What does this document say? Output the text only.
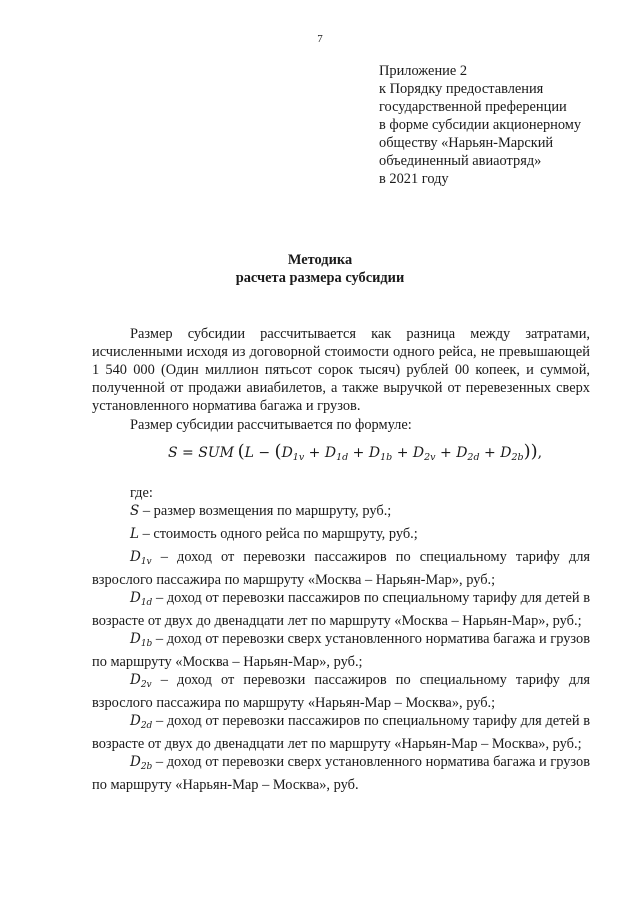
7
Приложение 2
к Порядку предоставления
государственной преференции
в форме субсидии акционерному
обществу «Нарьян-Марский
объединенный авиаотряд»
в 2021 году
Методика
расчета размера субсидии

Размер субсидии рассчитывается как разница между затратами, исчисленными исходя из договорной стоимости одного рейса, не превышающей 1 540 000 (Один миллион пятьсот сорок тысяч) рублей 00 копеек, и суммой, полученной от продажи авиабилетов, а также выручкой от перевезенных сверх установленного норматива багажа и грузов.

Размер субсидии рассчитывается по формуле:

S = SUM $(L - (D_{1v} + D_{1d} + D_{1b} + D_{2v} + D_{2d} + D_{2b}))$,
где:

S – размер возмещения по маршруту, руб.;

L – стоимость одного рейса по маршруту, руб.;

$D_{1v}$ – доход от перевозки пассажиров по специальному тарифу для взрослого пассажира по маршруту «Москва – Нарьян-Мар», руб.;

$D_{1d}$ – доход от перевозки пассажиров по специальному тарифу для детей в возрасте от двух до двенадцати лет по маршруту «Москва – Нарьян-Мар», руб.;

$D_{1b}$ – доход от перевозки сверх установленного норматива багажа и грузов по маршруту «Москва – Нарьян-Мар», руб.;

$D_{2v}$ – доход от перевозки пассажиров по специальному тарифу для взрослого пассажира по маршруту «Нарьян-Мар – Москва», руб.;

$D_{2d}$ – доход от перевозки пассажиров по специальному тарифу для детей в возрасте от двух до двенадцати лет по маршруту «Нарьян-Мар – Москва», руб.;

$D_{2b}$ – доход от перевозки сверх установленного норматива багажа и грузов по маршруту «Нарьян-Мар – Москва», руб.
